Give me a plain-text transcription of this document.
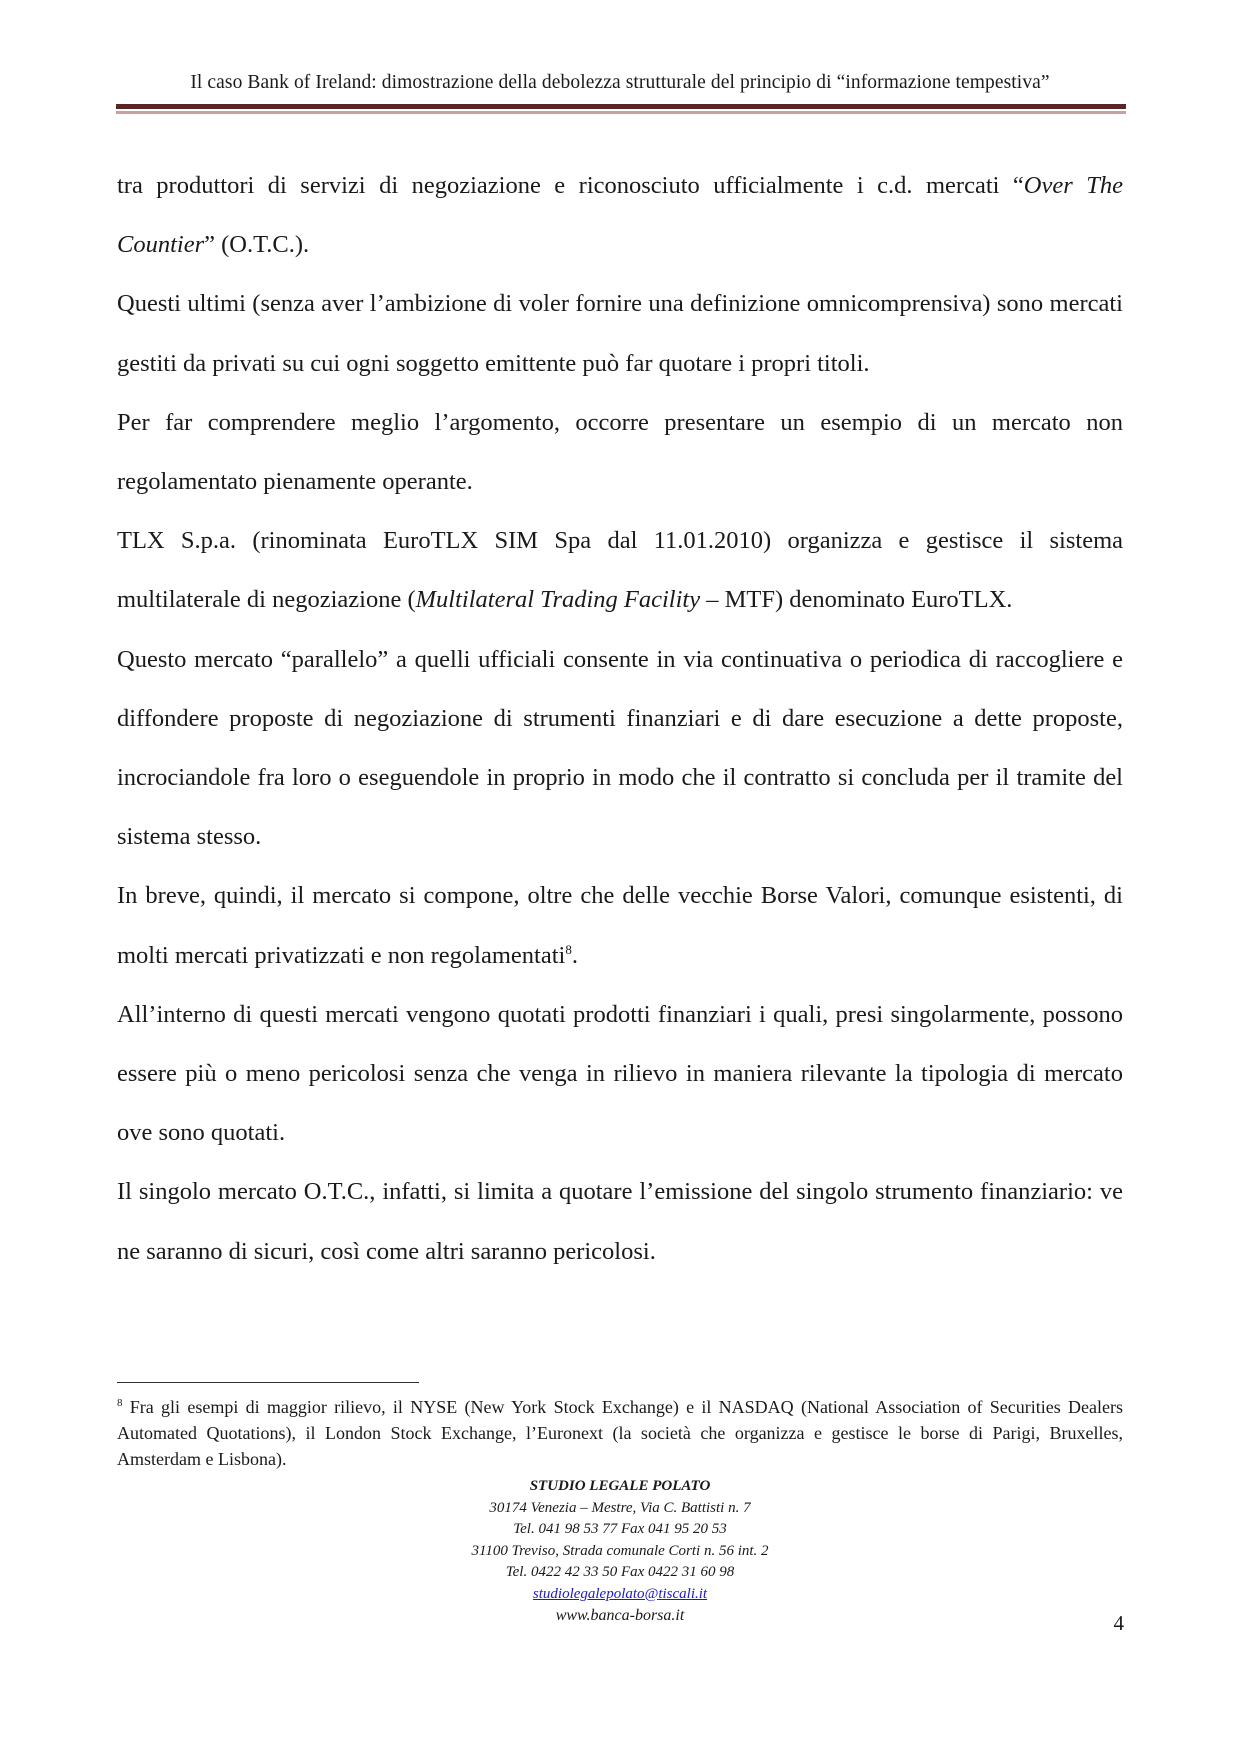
Il caso Bank of Ireland: dimostrazione della debolezza strutturale del principio di “informazione tempestiva”

tra produttori di servizi di negoziazione e riconosciuto ufficialmente i c.d. mercati “Over The Countier” (O.T.C.).

Questi ultimi (senza aver l’ambizione di voler fornire una definizione omnicomprensiva) sono mercati gestiti da privati su cui ogni soggetto emittente può far quotare i propri titoli.

Per far comprendere meglio l’argomento, occorre presentare un esempio di un mercato non regolamentato pienamente operante.

TLX S.p.a. (rinominata EuroTLX SIM Spa dal 11.01.2010) organizza e gestisce il sistema multilaterale di negoziazione (Multilateral Trading Facility – MTF) denominato EuroTLX.

Questo mercato “parallelo” a quelli ufficiali consente in via continuativa o periodica di raccogliere e diffondere proposte di negoziazione di strumenti finanziari e di dare esecuzione a dette proposte, incrociandole fra loro o eseguendole in proprio in modo che il contratto si concluda per il tramite del sistema stesso.

In breve, quindi, il mercato si compone, oltre che delle vecchie Borse Valori, comunque esistenti, di molti mercati privatizzati e non regolamentati$^8$.

All’interno di questi mercati vengono quotati prodotti finanziari i quali, presi singolarmente, possono essere più o meno pericolosi senza che venga in rilievo in maniera rilevante la tipologia di mercato ove sono quotati.

Il singolo mercato O.T.C., infatti, si limita a quotare l’emissione del singolo strumento finanziario: ve ne saranno di sicuri, così come altri saranno pericolosi.

$^8$ Fra gli esempi di maggior rilievo, il NYSE (New York Stock Exchange) e il NASDAQ (National Association of Securities Dealers Automated Quotations), il London Stock Exchange, l’Euronext (la società che organizza e gestisce le borse di Parigi, Bruxelles, Amsterdam e Lisbona).
STUDIO LEGALE POLATO
30174 Venezia – Mestre, Via C. Battisti n. 7
Tel. 041 98 53 77 Fax 041 95 20 53
31100 Treviso, Strada comunale Corti n. 56 int. 2
Tel. 0422 42 33 50 Fax 0422 31 60 98
studiolegalepolato@tiscali.it
www.banca-borsa.it	4
